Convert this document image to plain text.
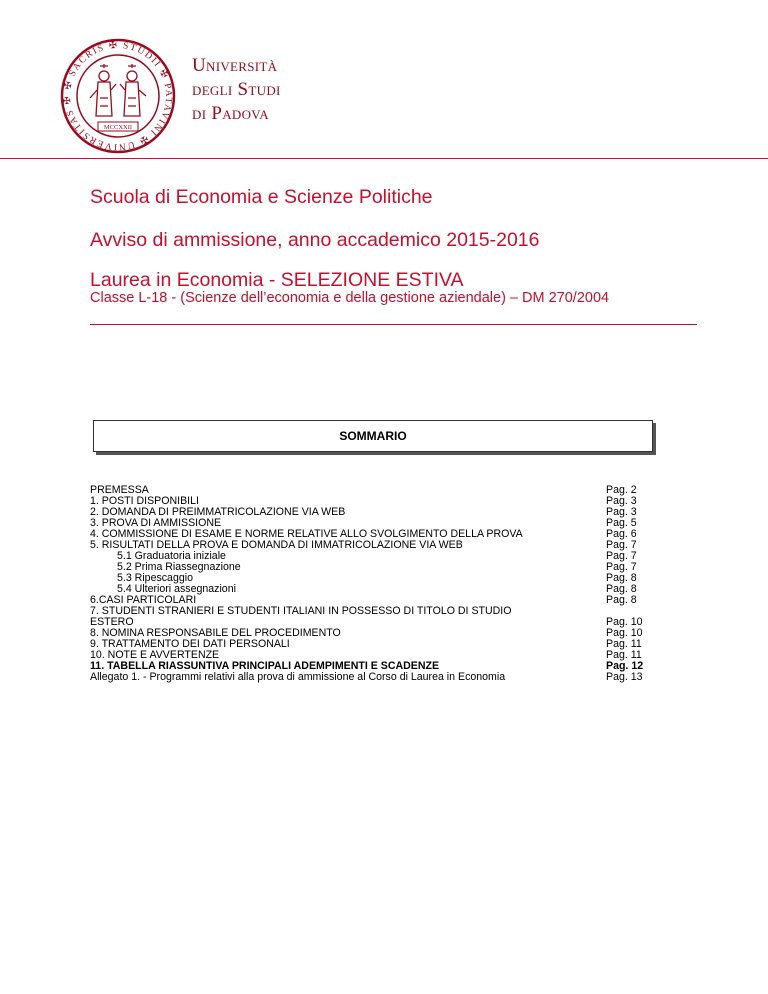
✠ SACRIS ✠ STUDII ✠ PATAVINI ✠ UNIVERSITAS ✠
MCCXXII
Università
degli Studi
di Padova
Scuola di Economia e Scienze Politiche
Avviso di ammissione, anno accademico 2015-2016
Laurea in Economia - SELEZIONE ESTIVA
Classe L-18 - (Scienze dell’economia e della gestione aziendale) – DM 270/2004
SOMMARIO
PREMESSA	Pag. 2
1. POSTI DISPONIBILI	Pag. 3
2. DOMANDA DI PREIMMATRICOLAZIONE VIA WEB	Pag. 3
3. PROVA DI AMMISSIONE	Pag. 5
4. COMMISSIONE DI ESAME E NORME RELATIVE ALLO SVOLGIMENTO DELLA PROVA	Pag. 6
5. RISULTATI DELLA PROVA E DOMANDA DI IMMATRICOLAZIONE VIA WEB	Pag. 7
5.1 Graduatoria iniziale	Pag. 7
5.2 Prima Riassegnazione	Pag. 7
5.3 Ripescaggio	Pag. 8
5.4 Ulteriori assegnazioni	Pag. 8
6.CASI PARTICOLARI	Pag. 8
7. STUDENTI STRANIERI E STUDENTI ITALIANI IN POSSESSO DI TITOLO DI STUDIO
ESTERO	Pag. 10
8. NOMINA RESPONSABILE DEL PROCEDIMENTO	Pag. 10
9. TRATTAMENTO DEI DATI PERSONALI	Pag. 11
10. NOTE E AVVERTENZE	Pag. 11
11. TABELLA RIASSUNTIVA PRINCIPALI ADEMPIMENTI E SCADENZE	Pag. 12
Allegato 1. - Programmi relativi alla prova di ammissione al Corso di Laurea in Economia	Pag. 13
